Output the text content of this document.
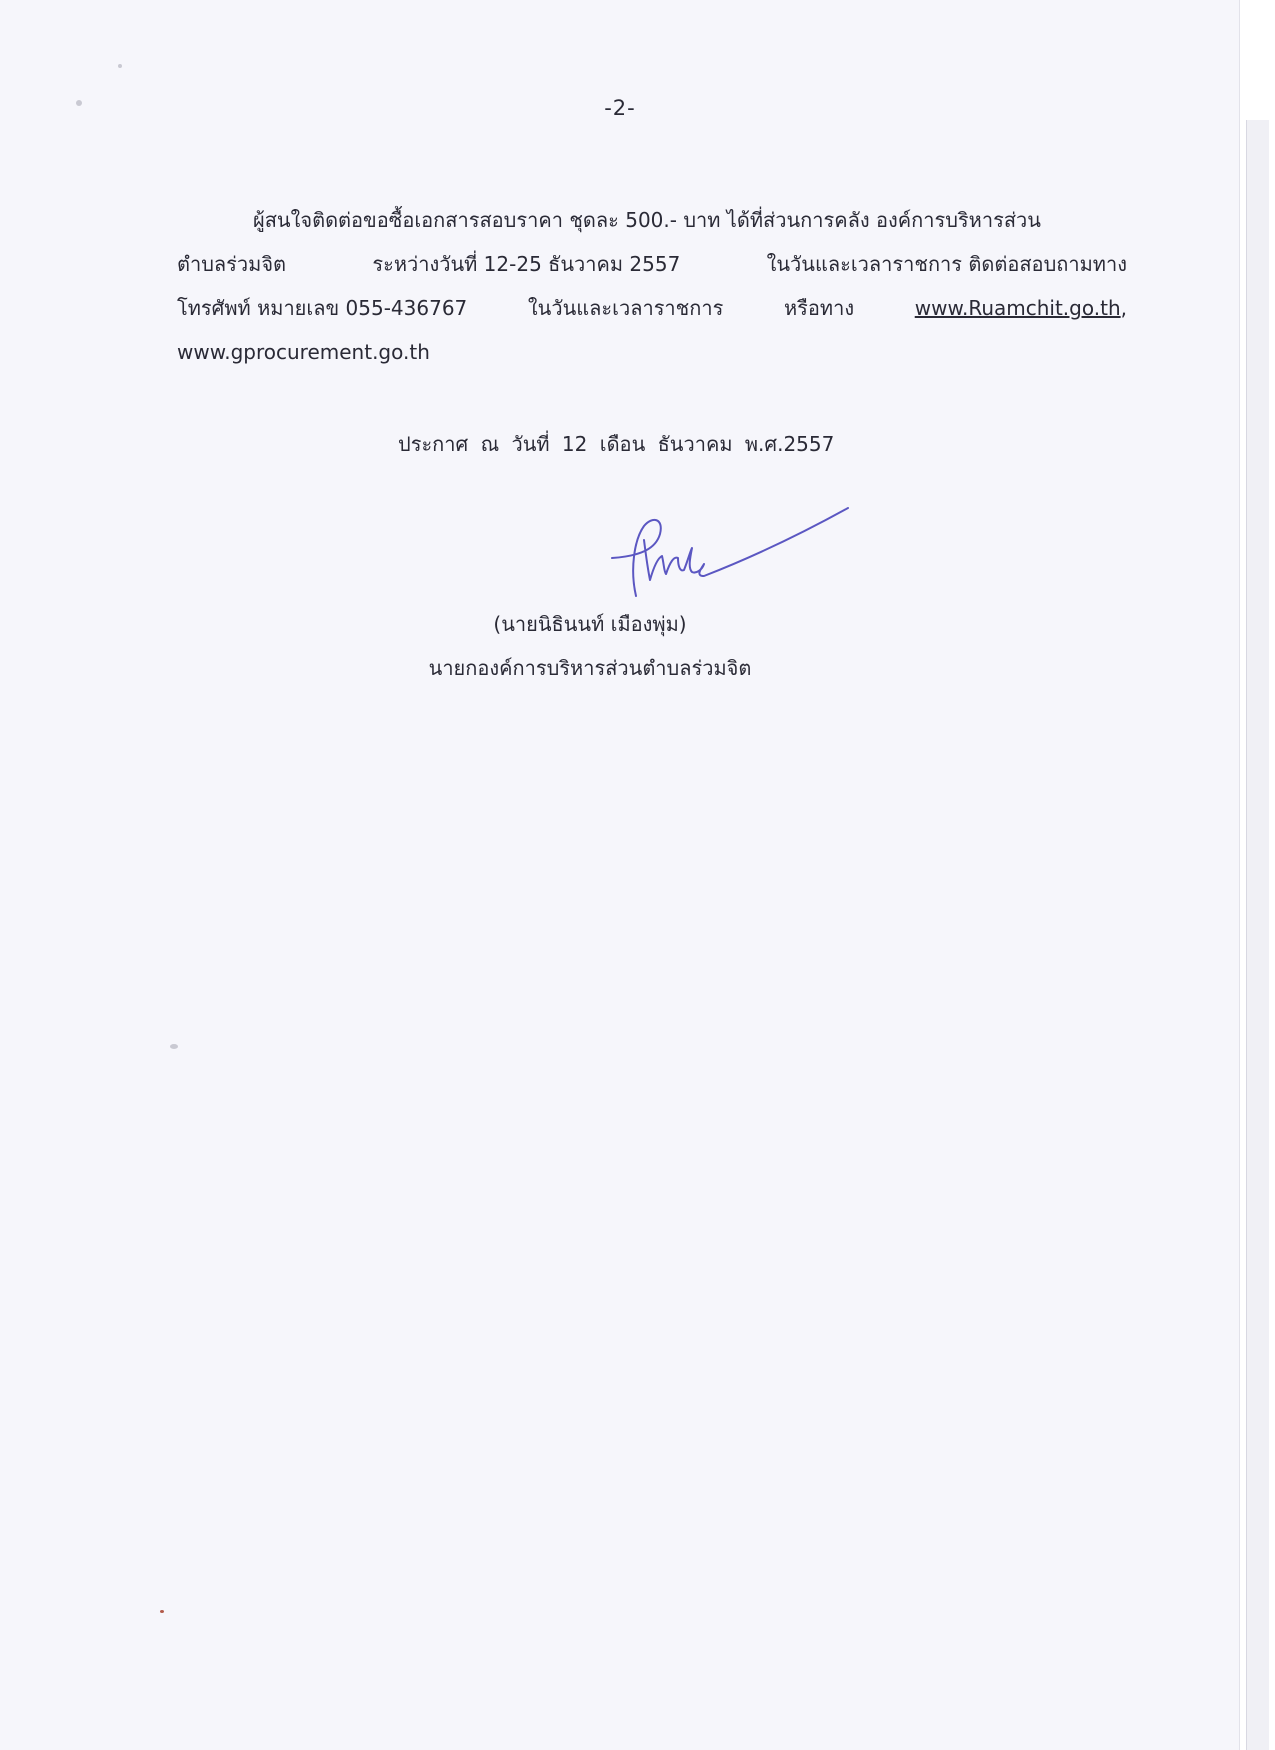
-2-
ผู้สนใจติดต่อขอซื้อเอกสารสอบราคา ชุดละ 500.- บาท ได้ที่ส่วนการคลัง องค์การบริหารส่วน
ตำบลร่วมจิต	ระหว่างวันที่ 12-25 ธันวาคม 2557	ในวันและเวลาราชการ ติดต่อสอบถามทาง
โทรศัพท์ หมายเลข 055-436767	ในวันและเวลาราชการ	หรือทาง	www.Ruamchit.go.th,
www.gprocurement.go.th
ประกาศ ณ วันที่ 12 เดือน ธันวาคม พ.ศ.2557
(นายนิธินนท์ เมืองพุ่ม)
นายกองค์การบริหารส่วนตำบลร่วมจิต
